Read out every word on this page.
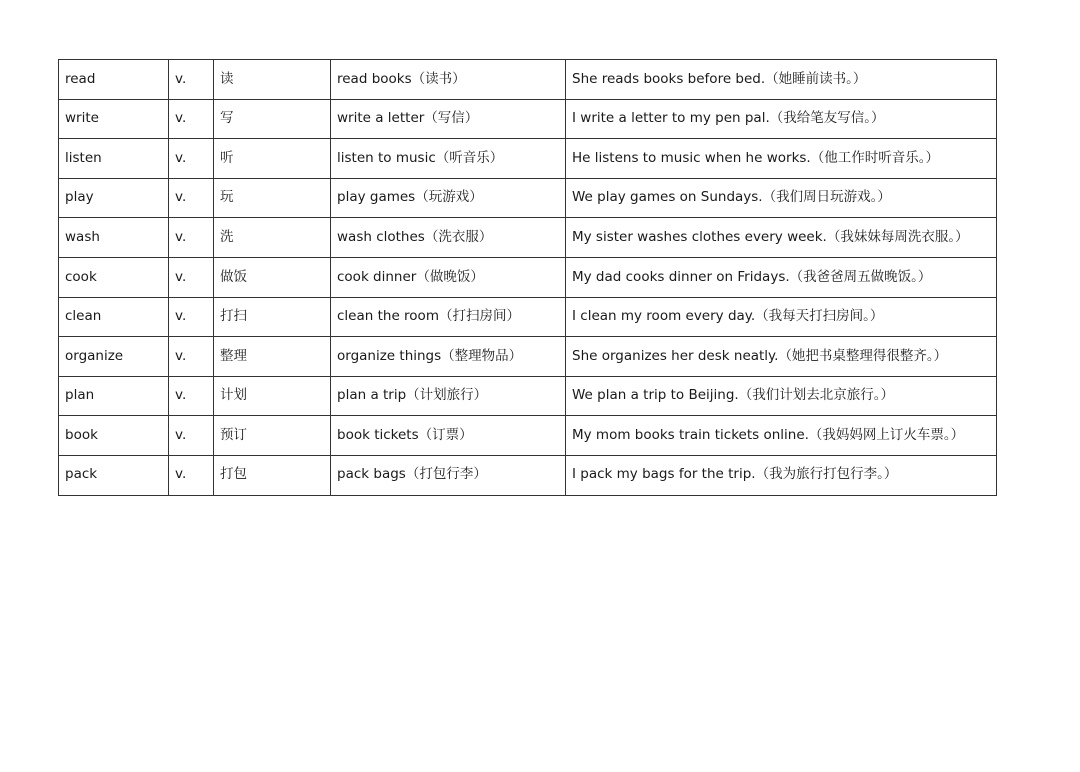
read	v.	读	read books（读书）	She reads books before bed.（她睡前读书。）
write	v.	写	write a letter（写信）	I write a letter to my pen pal.（我给笔友写信。）
listen	v.	听	listen to music（听音乐）	He listens to music when he works.（他工作时听音乐。）
play	v.	玩	play games（玩游戏）	We play games on Sundays.（我们周日玩游戏。）
wash	v.	洗	wash clothes（洗衣服）	My sister washes clothes every week.（我妹妹每周洗衣服。）
cook	v.	做饭	cook dinner（做晚饭）	My dad cooks dinner on Fridays.（我爸爸周五做晚饭。）
clean	v.	打扫	clean the room（打扫房间）	I clean my room every day.（我每天打扫房间。）
organize	v.	整理	organize things（整理物品）	She organizes her desk neatly.（她把书桌整理得很整齐。）
plan	v.	计划	plan a trip（计划旅行）	We plan a trip to Beijing.（我们计划去北京旅行。）
book	v.	预订	book tickets（订票）	My mom books train tickets online.（我妈妈网上订火车票。）
pack	v.	打包	pack bags（打包行李）	I pack my bags for the trip.（我为旅行打包行李。）
